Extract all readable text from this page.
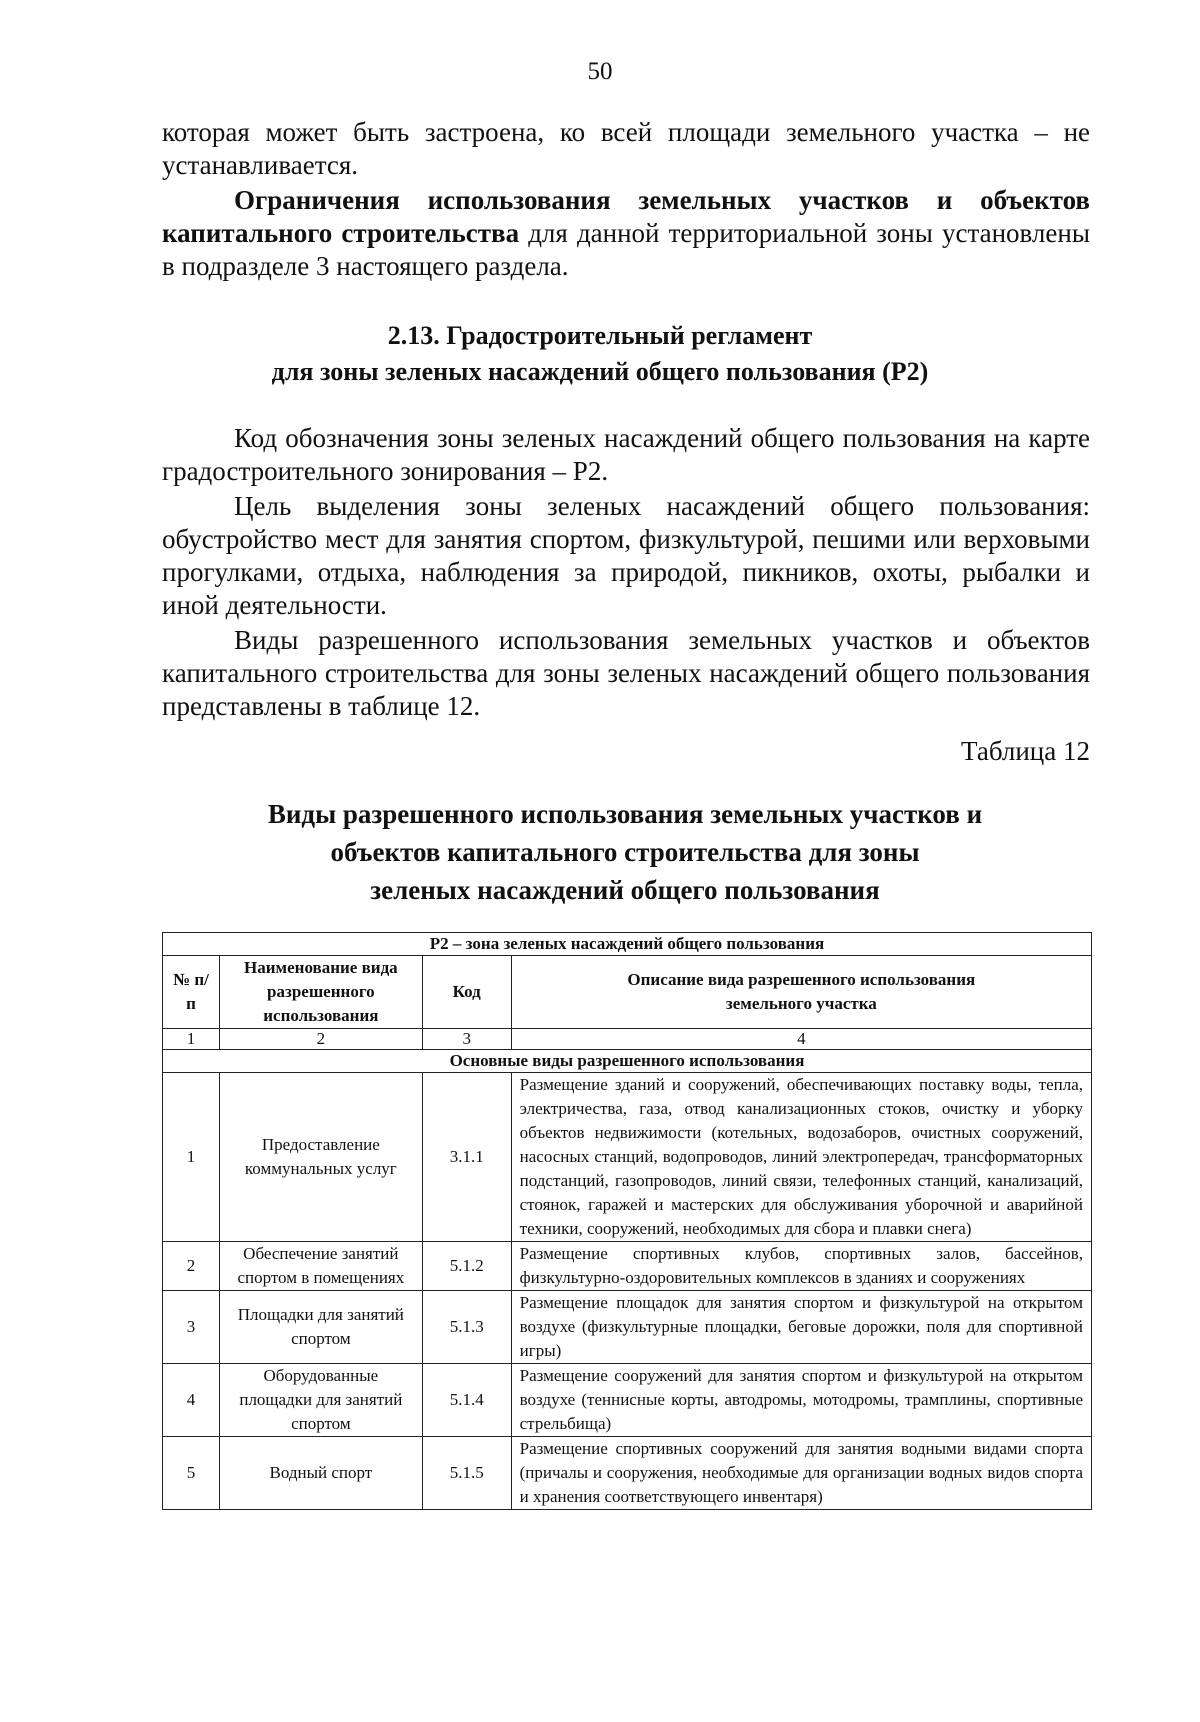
50

которая может быть застроена, ко всей площади земельного участка – не устанавливается.

Ограничения использования земельных участков и объектов капитального строительства для данной территориальной зоны установлены в подразделе 3 настоящего раздела.

2.13. Градостроительный регламент
для зоны зеленых насаждений общего пользования (Р2)

Код обозначения зоны зеленых насаждений общего пользования на карте градостроительного зонирования – Р2.

Цель выделения зоны зеленых насаждений общего пользования: обустройство мест для занятия спортом, физкультурой, пешими или верховыми прогулками, отдыха, наблюдения за природой, пикников, охоты, рыбалки и иной деятельности.

Виды разрешенного использования земельных участков и объектов капитального строительства для зоны зеленых насаждений общего пользования представлены в таблице 12.

Таблица 12
Виды разрешенного использования земельных участков и
объектов капитального строительства для зоны
зеленых насаждений общего пользования
Р2 – зона зеленых насаждений общего пользования			
№ п/п	Наименование вида разрешенного использования	Код	Описание вида разрешенного использования земельного участка
1	2	3	4
Основные виды разрешенного использования			
1	Предоставление коммунальных услуг	3.1.1	Размещение зданий и сооружений, обеспечивающих поставку воды, тепла, электричества, газа, отвод канализационных стоков, очистку и уборку объектов недвижимости (котельных, водозаборов, очистных сооружений, насосных станций, водопроводов, линий электропередач, трансформаторных подстанций, газопроводов, линий связи, телефонных станций, канализаций, стоянок, гаражей и мастерских для обслуживания уборочной и аварийной техники, сооружений, необходимых для сбора и плавки снега)
2	Обеспечение занятий спортом в помещениях	5.1.2	Размещение спортивных клубов, спортивных залов, бассейнов, физкультурно-оздоровительных комплексов в зданиях и сооружениях
3	Площадки для занятий спортом	5.1.3	Размещение площадок для занятия спортом и физкультурой на открытом воздухе (физкультурные площадки, беговые дорожки, поля для спортивной игры)
4	Оборудованные площадки для занятий спортом	5.1.4	Размещение сооружений для занятия спортом и физкультурой на открытом воздухе (теннисные корты, автодромы, мотодромы, трамплины, спортивные стрельбища)
5	Водный спорт	5.1.5	Размещение спортивных сооружений для занятия водными видами спорта (причалы и сооружения, необходимые для организации водных видов спорта и хранения соответствующего инвентаря)
